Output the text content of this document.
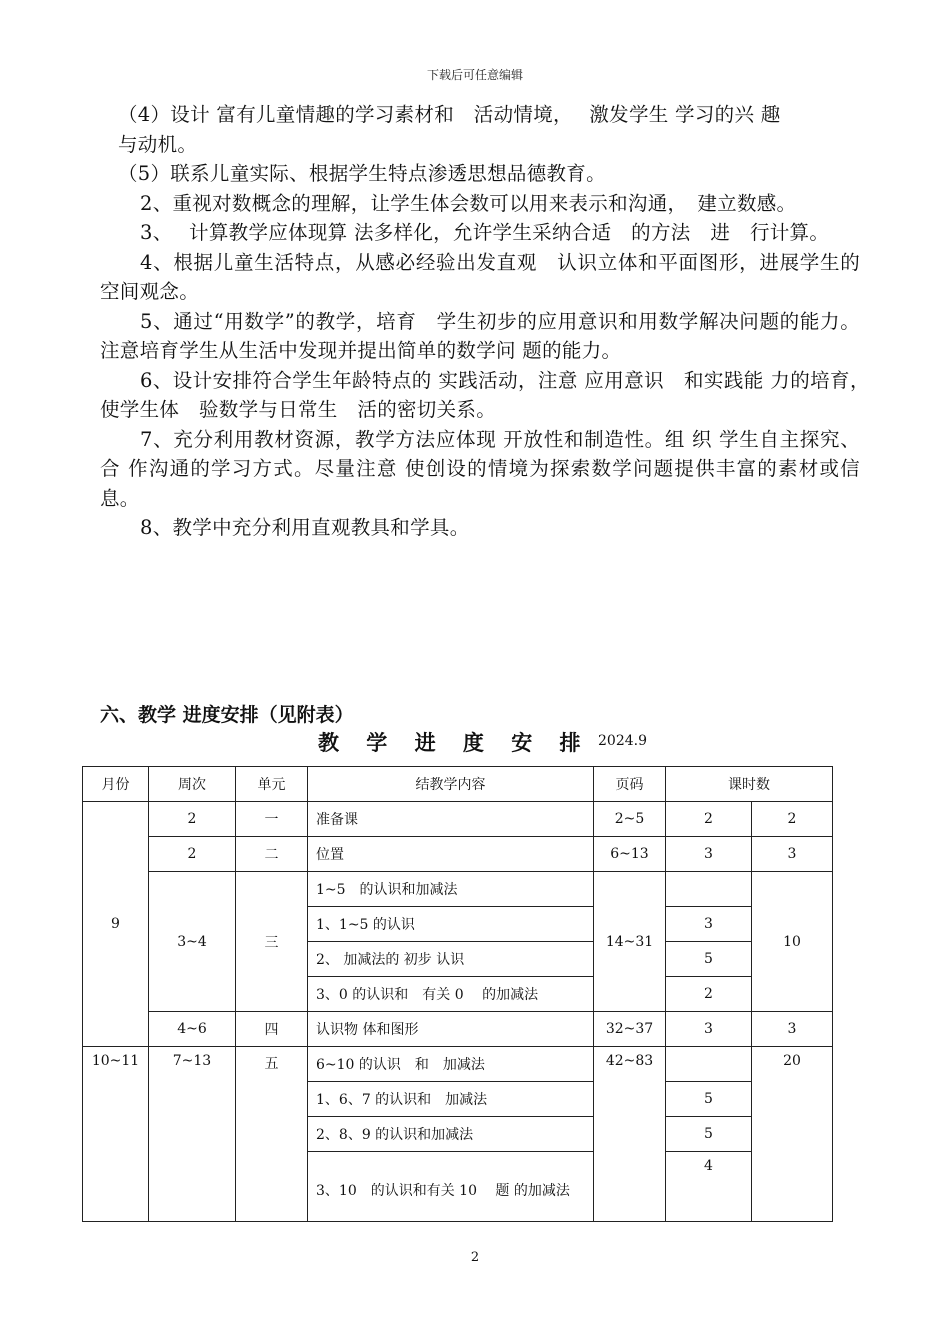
下载后可任意编辑

（4）设计 富有儿童情趣的学习素材和　活动情境，　 激发学生 学习的兴 趣
与动机。

（5）联系儿童实际、根据学生特点渗透思想品德教育。

2、重视对数概念的理解，让学生体会数可以用来表示和沟通，　建立数感。

3、　 计算教学应体现算 法多样化，允许学生采纳合适　的方法　进　行计算。

4、根据儿童生活特点，从感必经验出发直观　认识立体和平面图形，进展学生的空间观念。

5、通过“用数学”的教学，培育　学生初步的应用意识和用数学解决问题的能力。注意培育学生从生活中发现并提出简单的数学问 题的能力。

6、设计安排符合学生年龄特点的 实践活动，注意 应用意识　和实践能 力的培育，　使学生体　验数学与日常生　活的密切关系。

7、充分利用教材资源，教学方法应体现 开放性和制造性。组 织 学生自主探究、合 作沟通的学习方式。尽量注意 使创设的情境为探索数学问题提供丰富的素材或信息。

8、教学中充分利用直观教具和学具。

六、教学 进度安排（见附表）
教 学 进 度 安 排 2024.9
月份	周次	单元	结教学内容	页码	课时数	
9	2	一	准备课	2~5	2	2
	2	二	位置	6~13	3	3
	3~4	三	1~5　的认识和加减法	14~31		10
			1、1~5 的认识		3	
			2、 加减法的 初步 认识		5	
			3、0 的认识和　有关 0　 的加减法		2	
	4~6	四	认识物 体和图形	32~37	3	3
10~11	7~13	五	6~10 的认识　和　加减法	42~83		20
			1、6、7 的认识和　加减法		5	
			2、8、9 的认识和加减法		5	
			3、10　的认识和有关 10　 题 的加减法		4	
2
